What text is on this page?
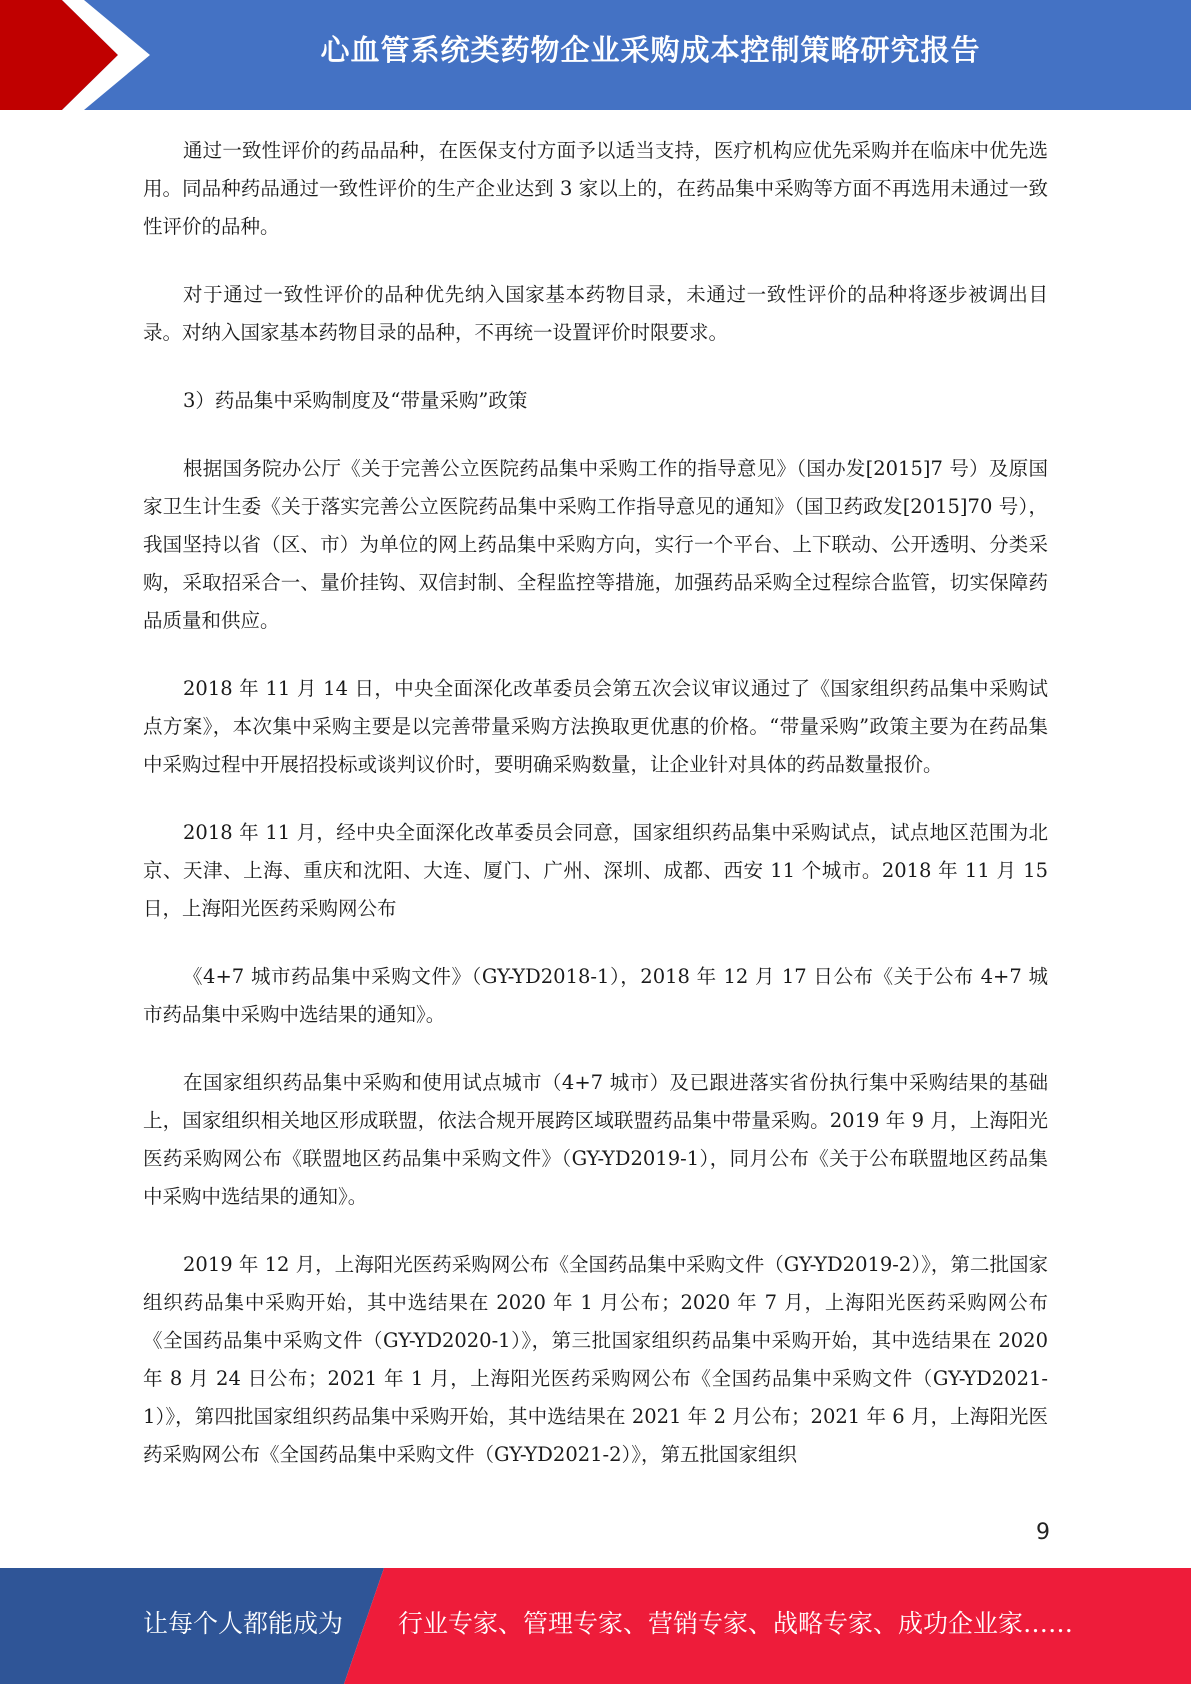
心血管系统类药物企业采购成本控制策略研究报告

通过一致性评价的药品品种，在医保支付方面予以适当支持，医疗机构应优先采购并在临床中优先选用。同品种药品通过一致性评价的生产企业达到 3 家以上的，在药品集中采购等方面不再选用未通过一致性评价的品种。

对于通过一致性评价的品种优先纳入国家基本药物目录，未通过一致性评价的品种将逐步被调出目录。对纳入国家基本药物目录的品种，不再统一设置评价时限要求。

3）药品集中采购制度及“带量采购”政策

根据国务院办公厅《关于完善公立医院药品集中采购工作的指导意见》（国办发[2015]7 号）及原国家卫生计生委《关于落实完善公立医院药品集中采购工作指导意见的通知》（国卫药政发[2015]70 号），我国坚持以省（区、市）为单位的网上药品集中采购方向，实行一个平台、上下联动、公开透明、分类采购，采取招采合一、量价挂钩、双信封制、全程监控等措施，加强药品采购全过程综合监管，切实保障药品质量和供应。

2018 年 11 月 14 日，中央全面深化改革委员会第五次会议审议通过了《国家组织药品集中采购试点方案》，本次集中采购主要是以完善带量采购方法换取更优惠的价格。“带量采购”政策主要为在药品集中采购过程中开展招投标或谈判议价时，要明确采购数量，让企业针对具体的药品数量报价。

2018 年 11 月，经中央全面深化改革委员会同意，国家组织药品集中采购试点，试点地区范围为北京、天津、上海、重庆和沈阳、大连、厦门、广州、深圳、成都、西安 11 个城市。2018 年 11 月 15 日，上海阳光医药采购网公布

《4+7 城市药品集中采购文件》（GY-YD2018-1），2018 年 12 月 17 日公布《关于公布 4+7 城市药品集中采购中选结果的通知》。

在国家组织药品集中采购和使用试点城市（4+7 城市）及已跟进落实省份执行集中采购结果的基础上，国家组织相关地区形成联盟，依法合规开展跨区域联盟药品集中带量采购。2019 年 9 月，上海阳光医药采购网公布《联盟地区药品集中采购文件》（GY-YD2019-1），同月公布《关于公布联盟地区药品集中采购中选结果的通知》。

2019 年 12 月，上海阳光医药采购网公布《全国药品集中采购文件（GY-YD2019-2）》，第二批国家组织药品集中采购开始，其中选结果在 2020 年 1 月公布；2020 年 7 月，上海阳光医药采购网公布《全国药品集中采购文件（GY-YD2020-1）》，第三批国家组织药品集中采购开始，其中选结果在 2020 年 8 月 24 日公布；2021 年 1 月，上海阳光医药采购网公布《全国药品集中采购文件（GY-YD2021-1）》，第四批国家组织药品集中采购开始，其中选结果在 2021 年 2 月公布；2021 年 6 月，上海阳光医药采购网公布《全国药品集中采购文件（GY-YD2021-2）》，第五批国家组织

9
让每个人都能成为 行业专家、管理专家、营销专家、战略专家、成功企业家……
